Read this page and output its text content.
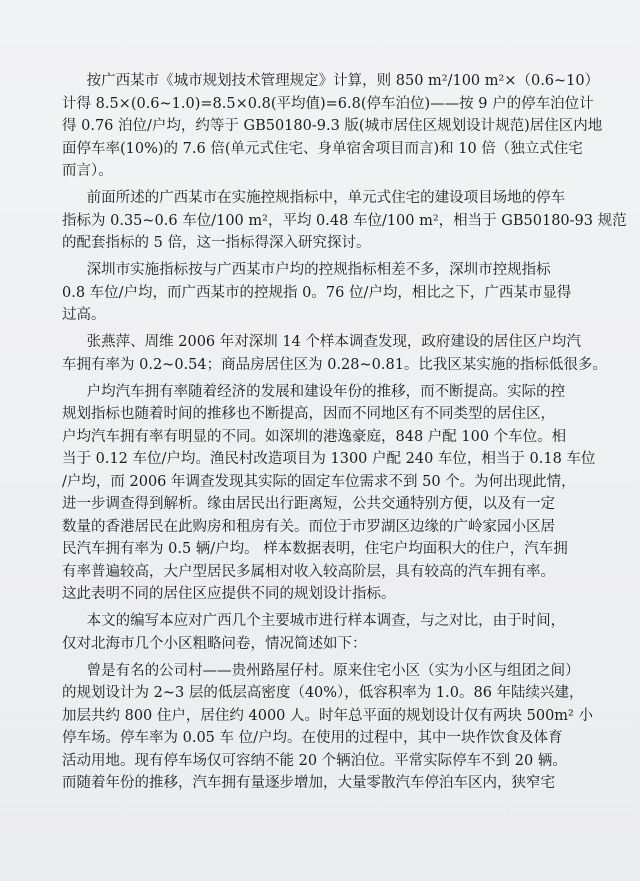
按广西某市《城市规划技术管理规定》计算，则 850 m²/100 m²×（0.6~10）
计得 8.5×(0.6~1.0)=8.5×0.8(平均值)=6.8(停车泊位)——按 9 户的停车泊位计
得 0.76 泊位/户均，约等于 GB50180-9.3 版(城市居住区规划设计规范)居住区内地
面停车率(10%)的 7.6 倍(单元式住宅、身单宿舍项目而言)和 10 倍（独立式住宅
而言）。

前面所述的广西某市在实施控规指标中，单元式住宅的建设项目场地的停车
指标为 0.35~0.6 车位/100 m²，平均 0.48 车位/100 m²，相当于 GB50180-93 规范
的配套指标的 5 倍，这一指标得深入研究探讨。

深圳市实施指标按与广西某市户均的控规指标相差不多，深圳市控规指标
0.8 车位/户均，而广西某市的控规指 0。76 位/户均，相比之下，广西某市显得
过高。

张燕萍、周维 2006 年对深圳 14 个样本调查发现，政府建设的居住区户均汽
车拥有率为 0.2~0.54；商品房居住区为 0.28~0.81。比我区某实施的指标低很多。

户均汽车拥有率随着经济的发展和建设年份的推移，而不断提高。实际的控
规划指标也随着时间的推移也不断提高，因而不同地区有不同类型的居住区，
户均汽车拥有率有明显的不同。如深圳的港逸豪庭，848 户配 100 个车位。相
当于 0.12 车位/户均。渔民村改造项目为 1300 户配 240 车位，相当于 0.18 车位
/户均，而 2006 年调查发现其实际的固定车位需求不到 50 个。为何出现此情，
进一步调查得到解析。缘由居民出行距离短，公共交通特别方便，以及有一定
数量的香港居民在此购房和租房有关。而位于市罗湖区边缘的广岭家园小区居
民汽车拥有率为 0.5 辆/户均。 样本数据表明，住宅户均面积大的住户，汽车拥
有率普遍较高，大户型居民多属相对收入较高阶层，具有较高的汽车拥有率。
这此表明不同的居住区应提供不同的规划设计指标。

本文的编写本应对广西几个主要城市进行样本调查，与之对比，由于时间，
仅对北海市几个小区粗略问卷，情况简述如下：

曾是有名的公司村——贵州路屋仔村。原来住宅小区（实为小区与组团之间）
的规划设计为 2~3 层的低层高密度（40%），低容积率为 1.0。86 年陆续兴建，
加层共约 800 住户，居住约 4000 人。时年总平面的规划设计仅有两块 500m² 小
停车场。停车率为 0.05 车 位/户均。在使用的过程中，其中一块作饮食及体育
活动用地。现有停车场仅可容纳不能 20 个辆泊位。平常实际停车不到 20 辆。
而随着年份的推移，汽车拥有量逐步增加，大量零散汽车停泊车区内，狭窄宅
